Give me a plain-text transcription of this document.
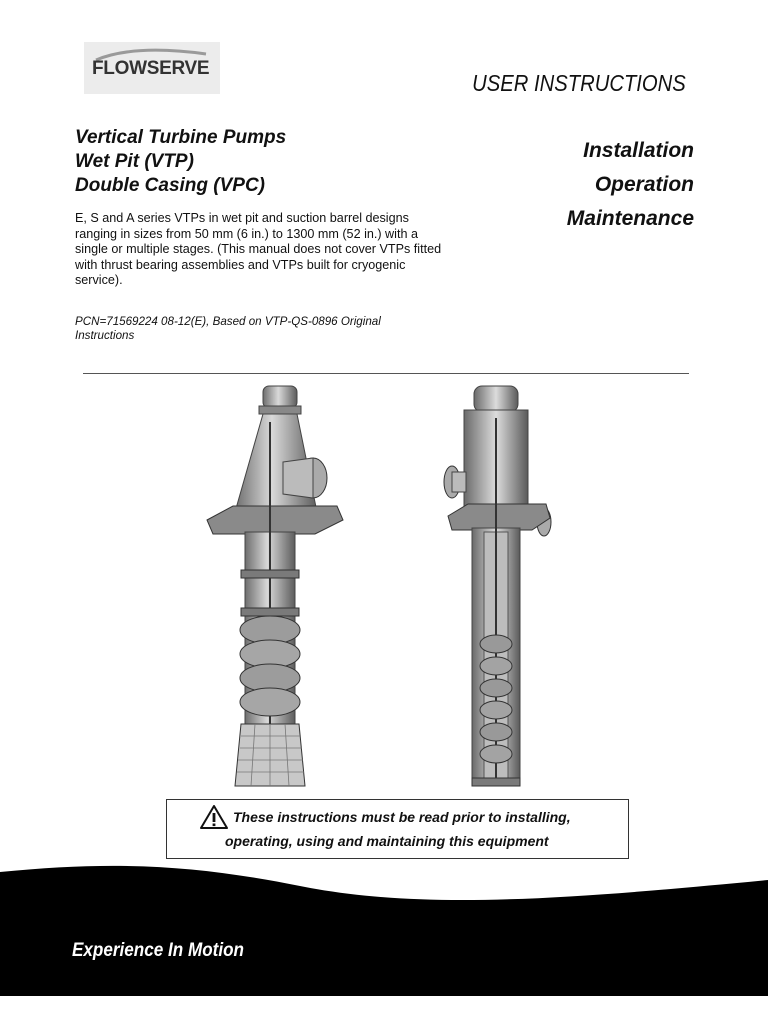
FLOWSERVE
USER INSTRUCTIONS
Vertical Turbine Pumps
Wet Pit (VTP)
Double Casing (VPC)
Installation
Operation
Maintenance
E, S and A series VTPs in wet pit and suction barrel designs ranging in sizes from 50 mm (6 in.) to 1300 mm (52 in.) with a single or multiple stages. (This manual does not cover VTPs fitted with thrust bearing assemblies and VTPs built for cryogenic service).
PCN=71569224 08-12(E), Based on VTP-QS-0896 Original Instructions
These instructions must be read prior to installing,
operating, using and maintaining this equipment
Experience In Motion
